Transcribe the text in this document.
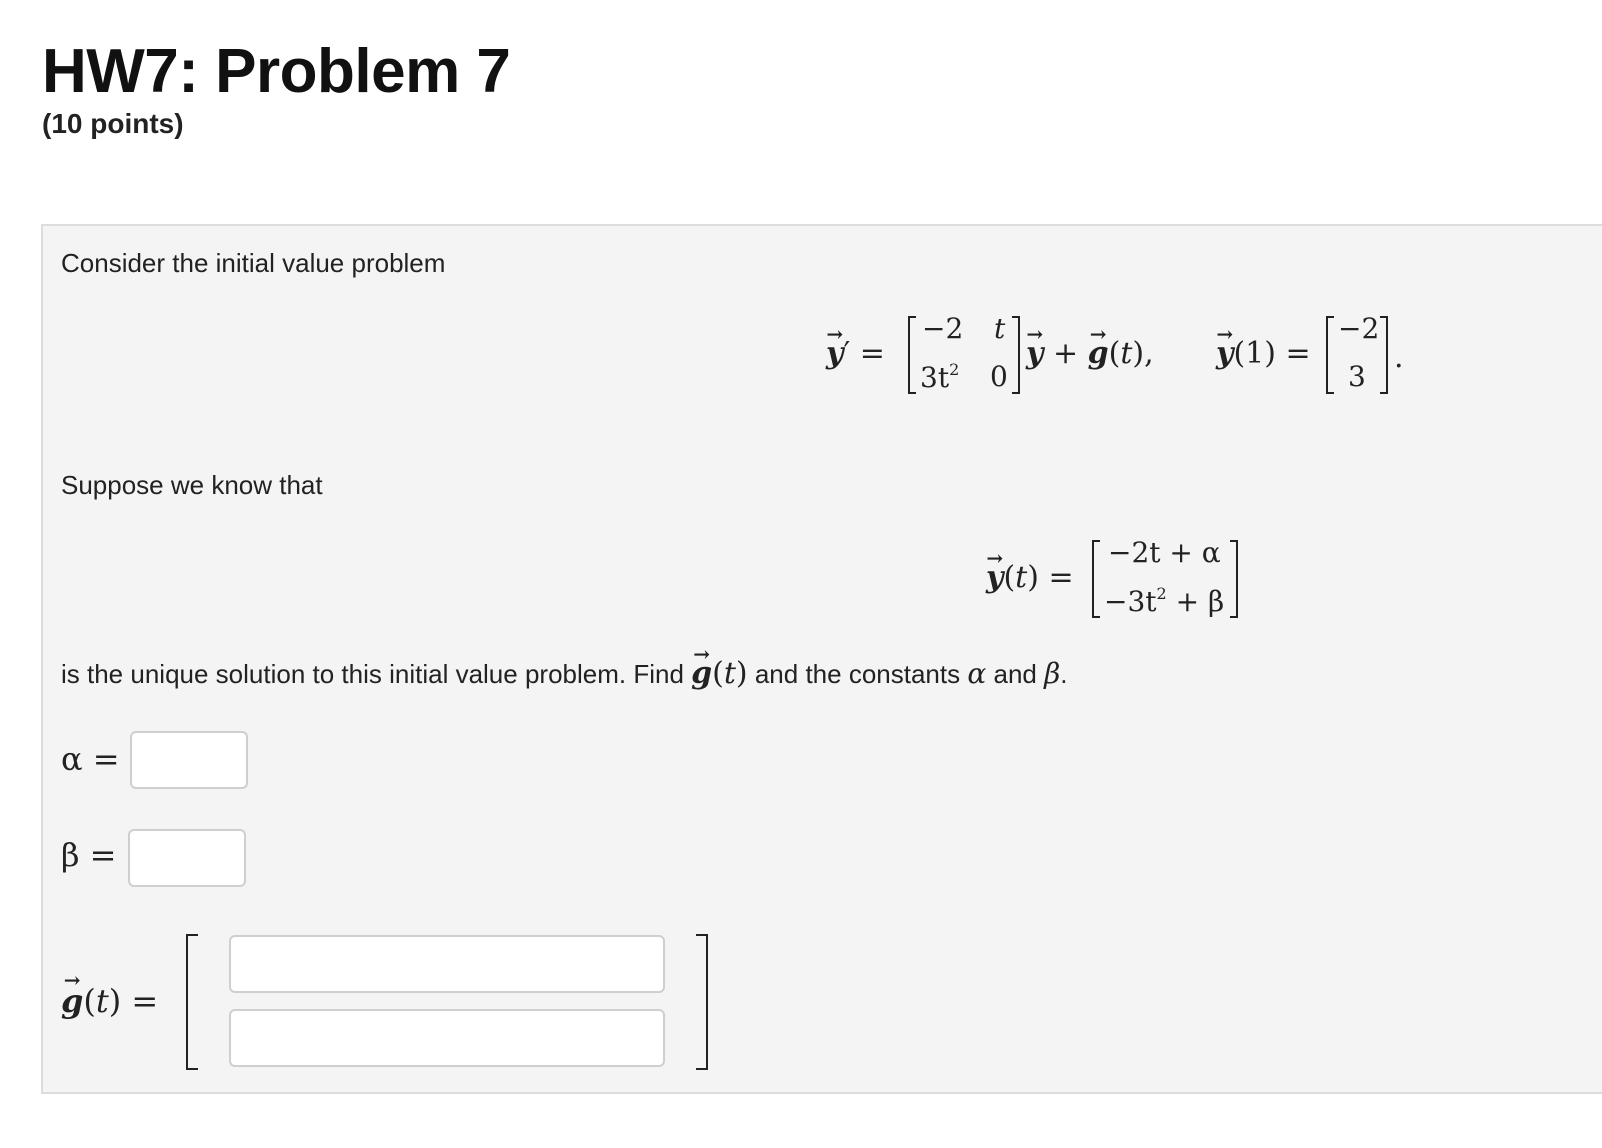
HW7: Problem 7
(10 points)
Consider the initial value problem
y →′ =
−2 t
$3t^2$ 0
y → + g →(t), y →(1) =
−2
3
.
Suppose we know that
y →(t) =
−2t + α
$-3t^2 + \beta$
is the unique solution to this initial value problem. Find g →(t) and the constants α and β.
α =
β =
g →(t) =
